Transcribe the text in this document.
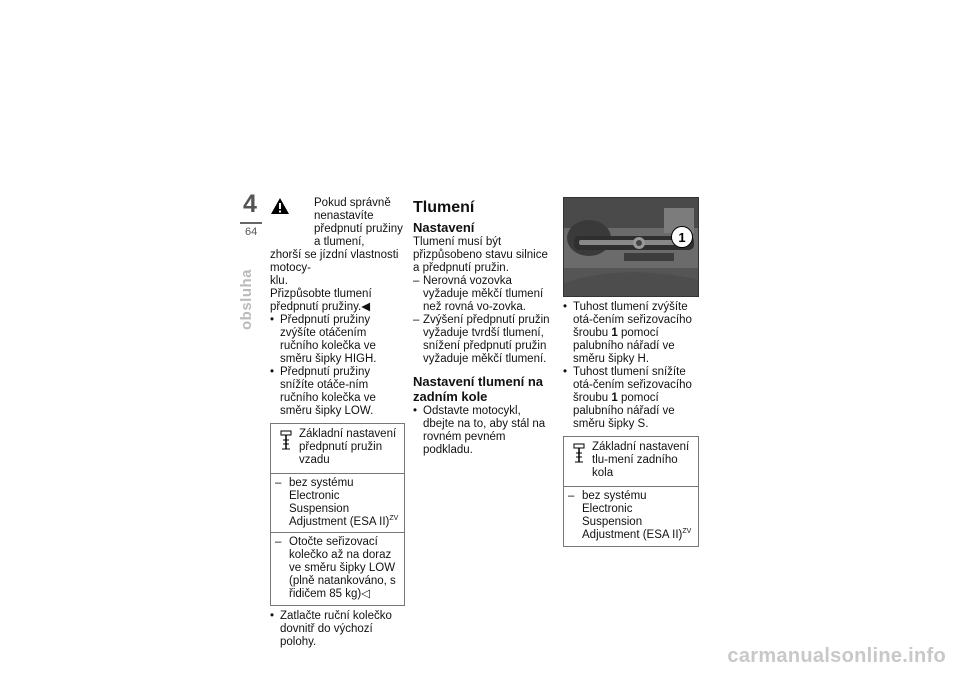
4
64
obsluha
Pokud správně nenastavíte
předpnutí pružiny a tlumení,

zhorší se jízdní vlastnosti motocy-
klu.

Přizpůsobte tlumení předpnutí pružiny.◀

• Předpnutí pružiny zvýšíte otáčením ručního kolečka ve směru šipky HIGH.
• Předpnutí pružiny snížíte otáče-ním ručního kolečka ve směru šipky LOW.
Základní nastavení předpnutí pružin vzadu
– bez systému Electronic Suspension Adjustment (ESA II)$^{ZV}$
– Otočte seřizovací kolečko až na doraz ve směru šipky LOW (plně natankováno, s řidičem 85 kg)◁
• Zatlačte ruční kolečko dovnitř do výchozí polohy.
Tlumení
Nastavení

Tlumení musí být přizpůsobeno stavu silnice a předpnutí pružin.

– Nerovná vozovka vyžaduje měkčí tlumení než rovná vo-zovka.
– Zvýšení předpnutí pružin vyžaduje tvrdší tlumení, snížení předpnutí pružin vyžaduje měkčí tlumení.
Nastavení tlumení na zadním kole
• Odstavte motocykl, dbejte na to, aby stál na rovném pevném podkladu.
1
• Tuhost tlumení zvýšíte otá-čením seřizovacího šroubu 1 pomocí palubního nářadí ve směru šipky H.
• Tuhost tlumení snížíte otá-čením seřizovacího šroubu 1 pomocí palubního nářadí ve směru šipky S.
Základní nastavení tlu-mení zadního kola
– bez systému Electronic Suspension Adjustment (ESA II)$^{ZV}$
carmanualsonline.info
